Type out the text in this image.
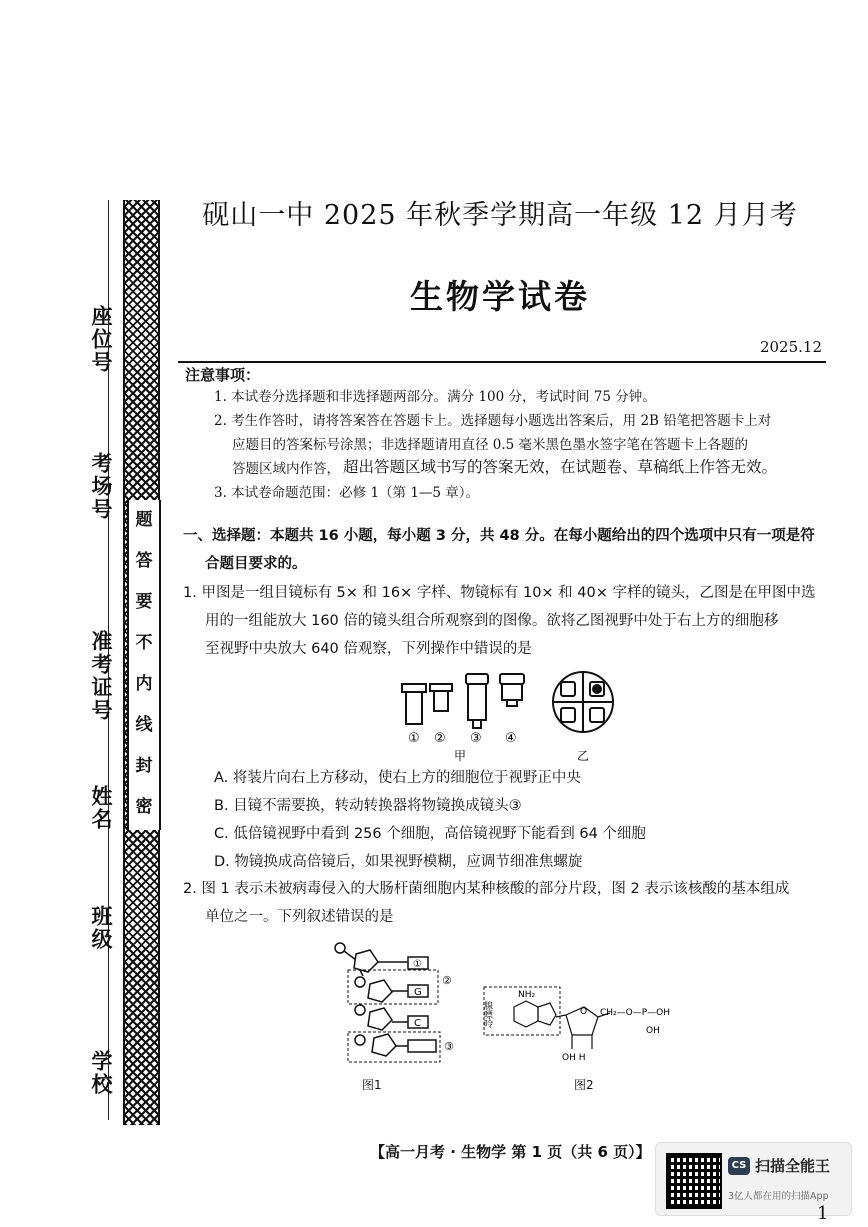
座位号
考场号
准考证号
姓名
班级
学校
题
答
要
不
内
线
封
密
砚山一中 2025 年秋季学期高一年级 12 月月考
生物学试卷
2025.12
注意事项：
1. 本试卷分选择题和非选择题两部分。满分 100 分，考试时间 75 分钟。
2. 考生作答时，请将答案答在答题卡上。选择题每小题选出答案后，用 2B 铅笔把答题卡上对
应题目的答案标号涂黑；非选择题请用直径 0.5 毫米黑色墨水签字笔在答题卡上各题的
答题区域内作答， 超出答题区域书写的答案无效，在试题卷、草稿纸上作答无效。
3. 本试卷命题范围：必修 1（第 1—5 章）。
一、选择题：本题共 16 小题，每小题 3 分，共 48 分。在每小题给出的四个选项中只有一项是符
合题目要求的。
1. 甲图是一组目镜标有 5× 和 16× 字样、物镜标有 10× 和 40× 字样的镜头，乙图是在甲图中选
用的一组能放大 160 倍的镜头组合所观察到的图像。欲将乙图视野中处于右上方的细胞移
至视野中央放大 640 倍观察，下列操作中错误的是
① ② ③ ④
甲	乙
A. 将装片向右上方移动，使右上方的细胞位于视野正中央
B. 目镜不需要换，转动转换器将物镜换成镜头③
C. 低倍镜视野中看到 256 个细胞，高倍镜视野下能看到 64 个细胞
D. 物镜换成高倍镜后，如果视野模糊，应调节细准焦螺旋
2. 图 1 表示未被病毒侵入的大肠杆菌细胞内某种核酸的部分片段，图 2 表示该核酸的基本组成
单位之一。下列叙述错误的是
①
G
C
②
③
图1
腺嘌呤
NH₂
O CH₂—O—P—OH
OH
OH H
图2
【高一月考 · 生物学 第 1 页（共 6 页）】
CS 扫描全能王
3亿人都在用的扫描App
1
